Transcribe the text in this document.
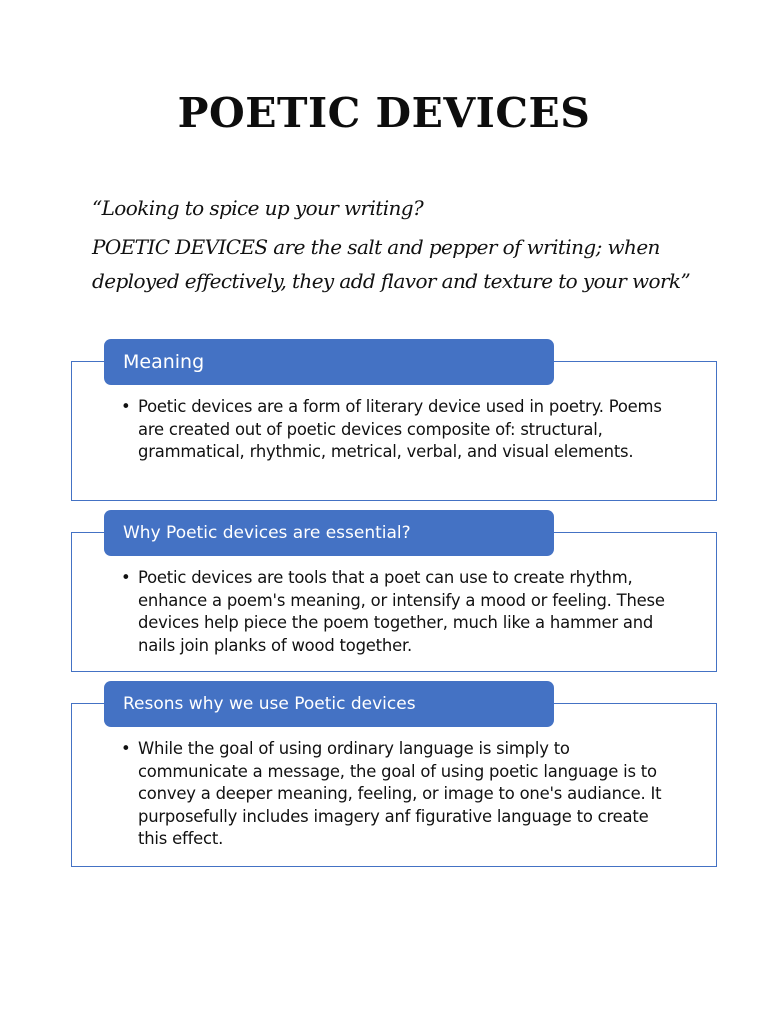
POETIC DEVICES

“Looking to spice up your writing?

POETIC DEVICES are the salt and pepper of writing; when deployed effectively, they add flavor and texture to your work”

Meaning
• Poetic devices are a form of literary device used in poetry. Poems are created out of poetic devices composite of: structural, grammatical, rhythmic, metrical, verbal, and visual elements.
Why Poetic devices are essential?
• Poetic devices are tools that a poet can use to create rhythm, enhance a poem's meaning, or intensify a mood or feeling. These devices help piece the poem together, much like a hammer and nails join planks of wood together.
Resons why we use Poetic devices
• While the goal of using ordinary language is simply to communicate a message, the goal of using poetic language is to convey a deeper meaning, feeling, or image to one's audiance. It purposefully includes imagery anf figurative language to create this effect.
